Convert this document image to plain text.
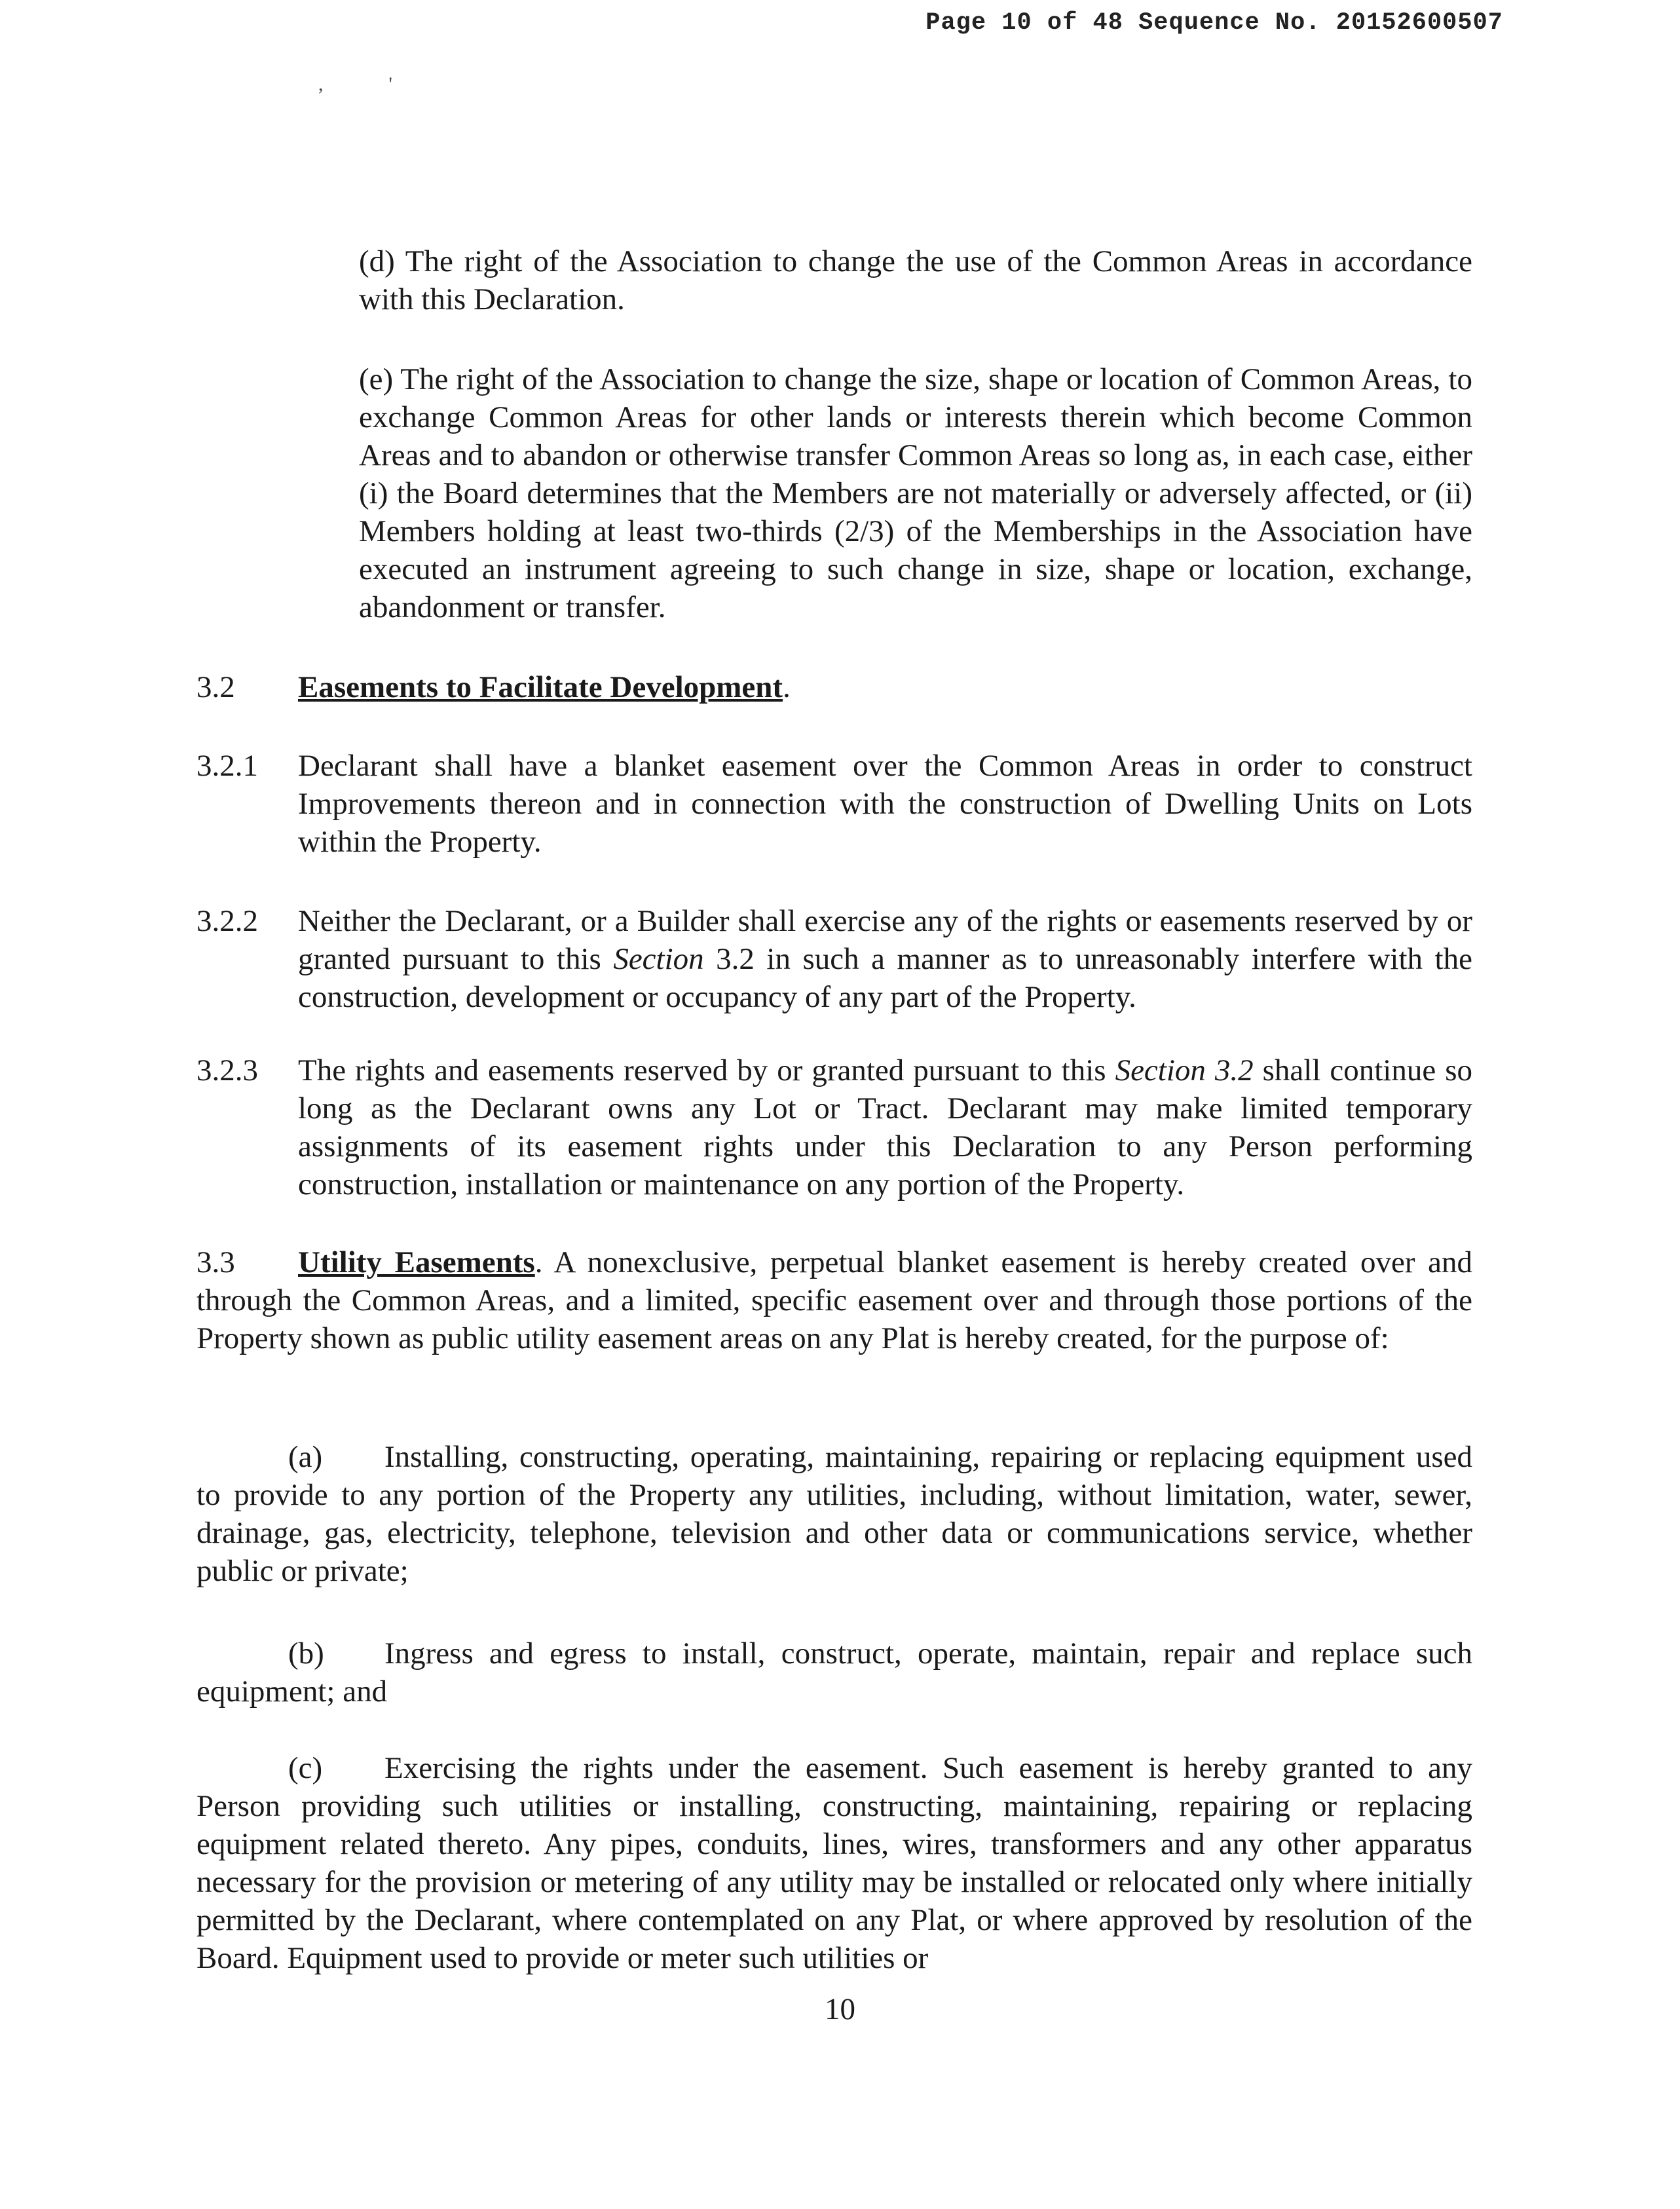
Page 10 of 48 Sequence No. 20152600507
,	'
(d) The right of the Association to change the use of the Common Areas in accordance with this Declaration.
(e) The right of the Association to change the size, shape or location of Common Areas, to exchange Common Areas for other lands or interests therein which become Common Areas and to abandon or otherwise transfer Common Areas so long as, in each case, either (i) the Board determines that the Members are not materially or adversely affected, or (ii) Members holding at least two-thirds (2/3) of the Memberships in the Association have executed an instrument agreeing to such change in size, shape or location, exchange, abandonment or transfer.
3.2 Easements to Facilitate Development.
3.2.1 Declarant shall have a blanket easement over the Common Areas in order to construct Improvements thereon and in connection with the construction of Dwelling Units on Lots within the Property.
3.2.2 Neither the Declarant, or a Builder shall exercise any of the rights or easements reserved by or granted pursuant to this Section 3.2 in such a manner as to unreasonably interfere with the construction, development or occupancy of any part of the Property.
3.2.3 The rights and easements reserved by or granted pursuant to this Section 3.2 shall continue so long as the Declarant owns any Lot or Tract. Declarant may make limited temporary assignments of its easement rights under this Declaration to any Person performing construction, installation or maintenance on any portion of the Property.
3.3 Utility Easements. A nonexclusive, perpetual blanket easement is hereby created over and through the Common Areas, and a limited, specific easement over and through those portions of the Property shown as public utility easement areas on any Plat is hereby created, for the purpose of:
(a) Installing, constructing, operating, maintaining, repairing or replacing equipment used to provide to any portion of the Property any utilities, including, without limitation, water, sewer, drainage, gas, electricity, telephone, television and other data or communications service, whether public or private;
(b) Ingress and egress to install, construct, operate, maintain, repair and replace such equipment; and
(c) Exercising the rights under the easement. Such easement is hereby granted to any Person providing such utilities or installing, constructing, maintaining, repairing or replacing equipment related thereto. Any pipes, conduits, lines, wires, transformers and any other apparatus necessary for the provision or metering of any utility may be installed or relocated only where initially permitted by the Declarant, where contemplated on any Plat, or where approved by resolution of the Board. Equipment used to provide or meter such utilities or
10
